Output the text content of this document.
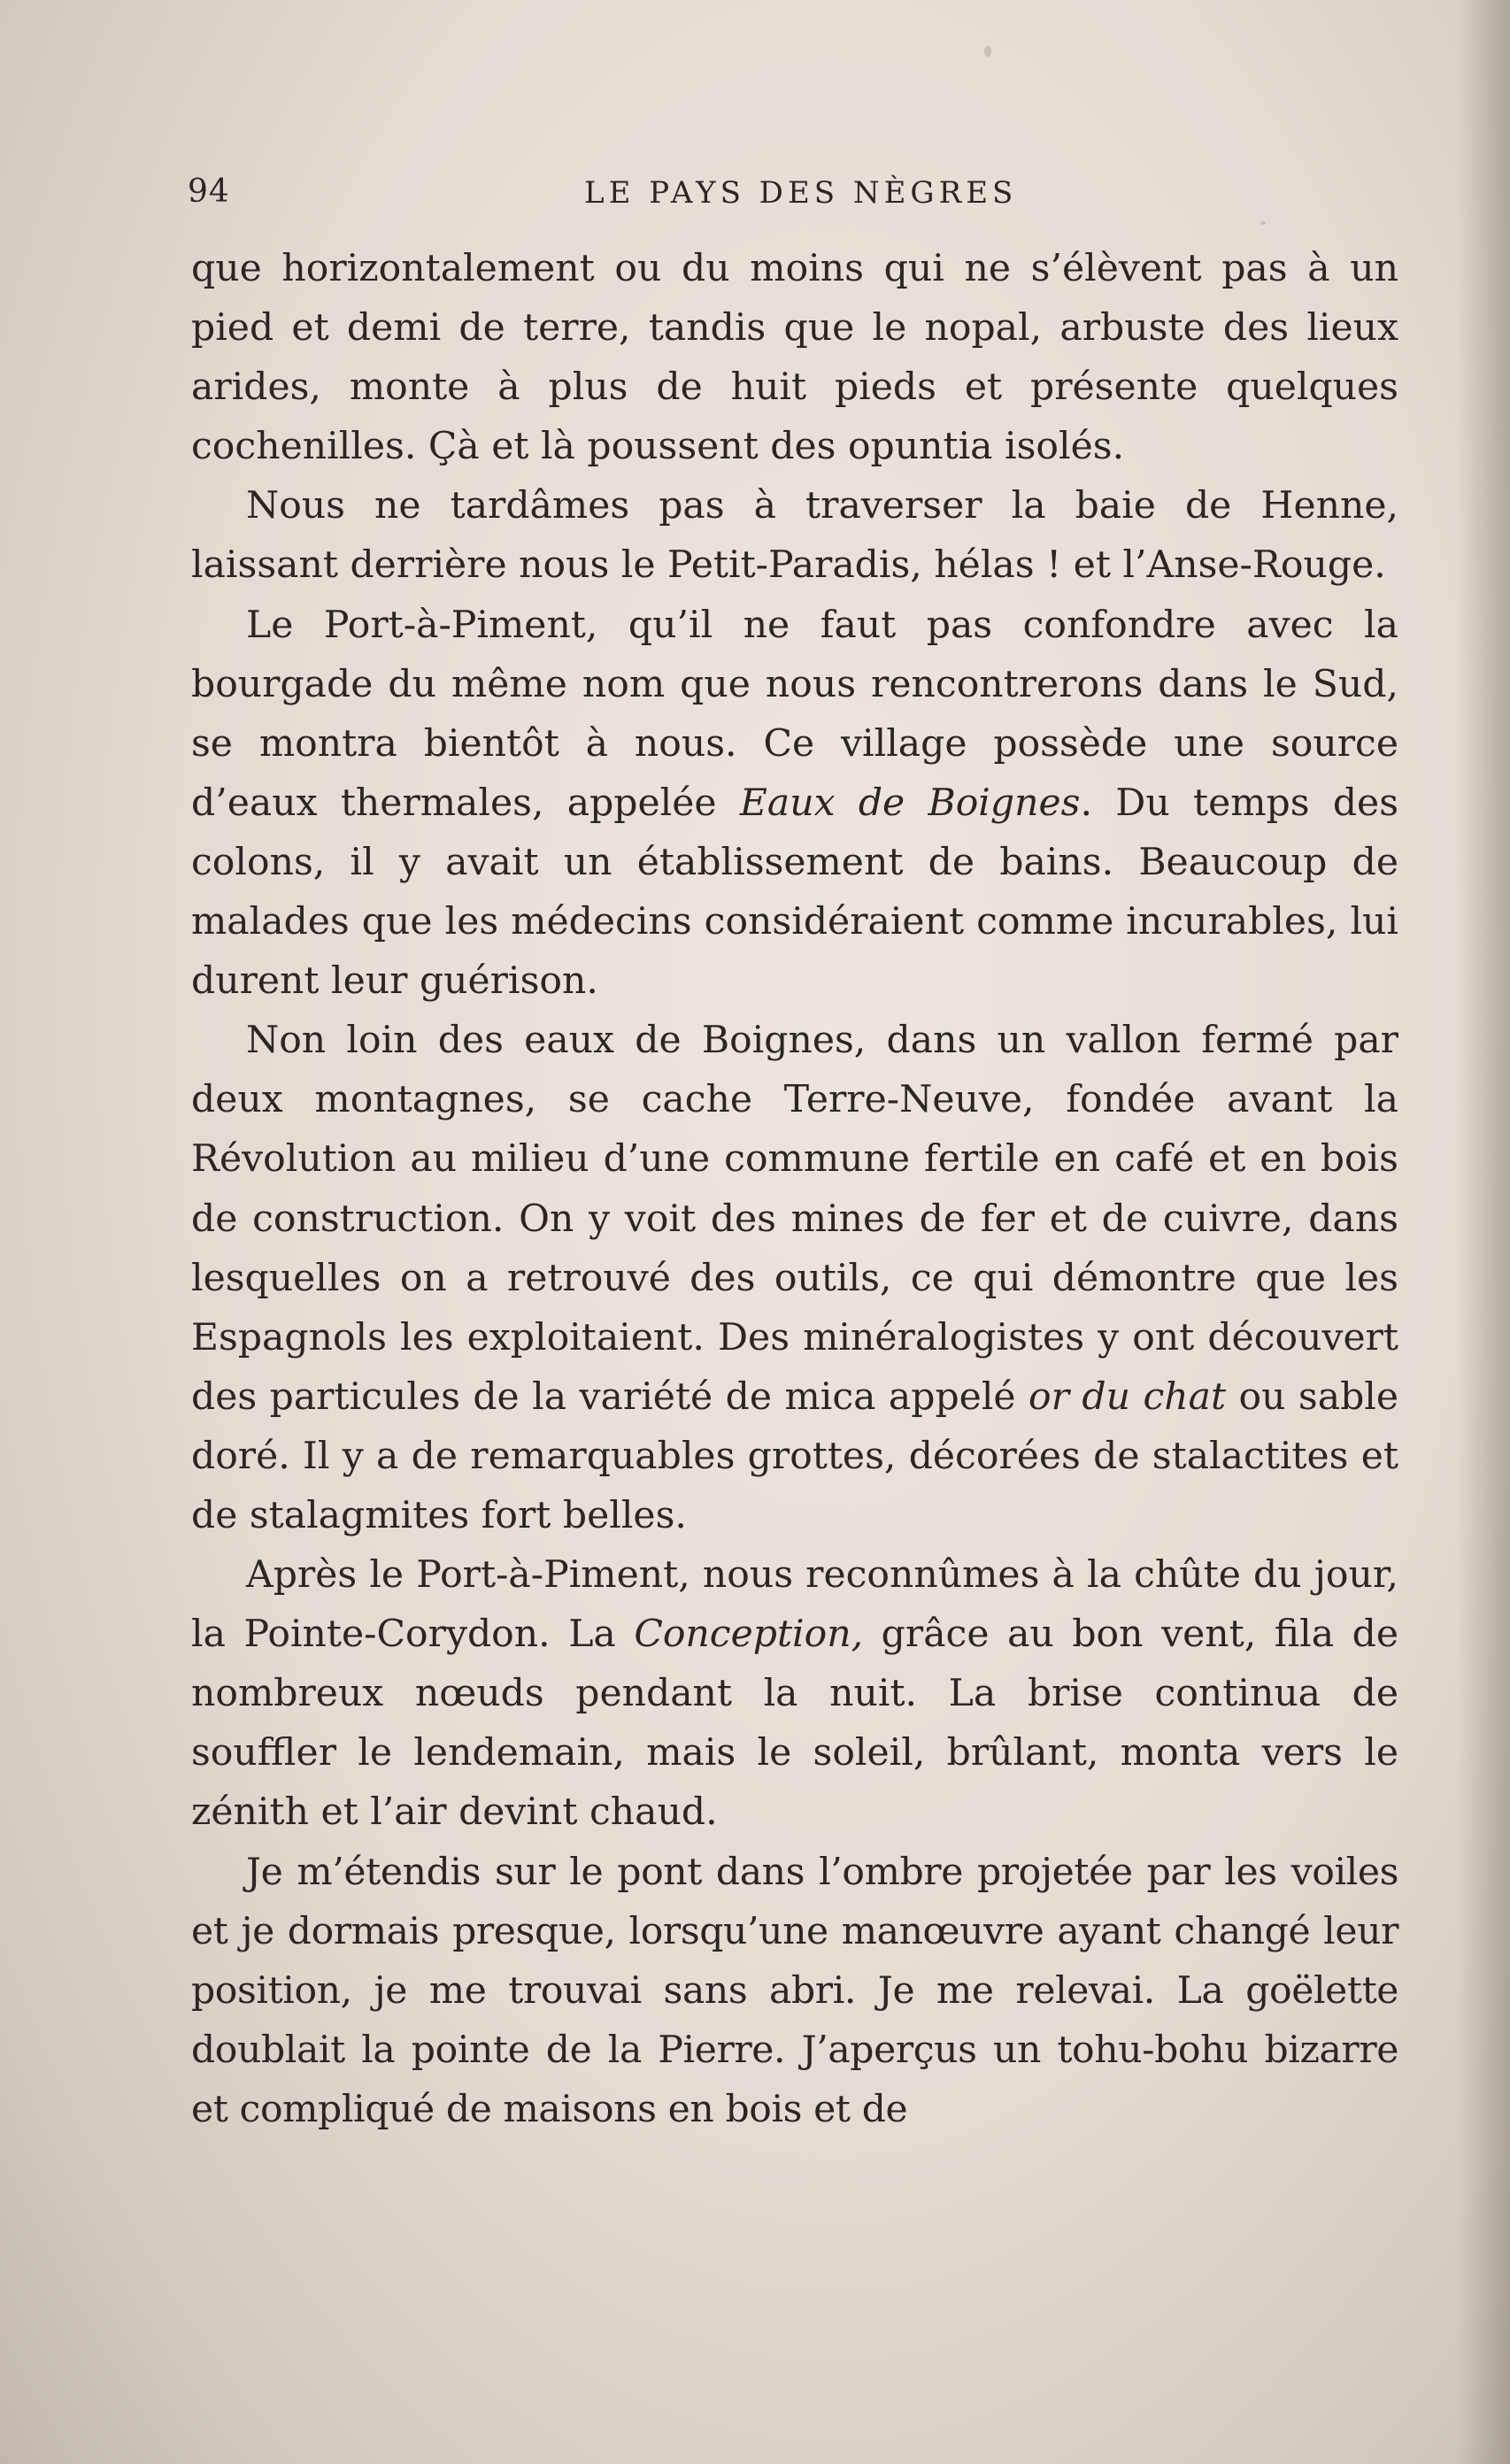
94	LE PAYS DES NÈGRES

que horizontalement ou du moins qui ne s’élèvent pas à un pied et demi de terre, tandis que le nopal, arbuste des lieux arides, monte à plus de huit pieds et présente quelques cochenilles. Çà et là poussent des opuntia isolés.

Nous ne tardâmes pas à traverser la baie de Henne, laissant derrière nous le Petit-Paradis, hélas ! et l’Anse-Rouge.

Le Port-à-Piment, qu’il ne faut pas confondre avec la bourgade du même nom que nous rencontrerons dans le Sud, se montra bientôt à nous. Ce village possède une source d’eaux thermales, appelée Eaux de Boignes. Du temps des colons, il y avait un établissement de bains. Beaucoup de malades que les médecins considéraient comme incurables, lui durent leur guérison.

Non loin des eaux de Boignes, dans un vallon fermé par deux montagnes, se cache Terre-Neuve, fondée avant la Révolution au milieu d’une commune fertile en café et en bois de construction. On y voit des mines de fer et de cuivre, dans lesquelles on a retrouvé des outils, ce qui démontre que les Espagnols les exploitaient. Des minéralogistes y ont découvert des particules de la variété de mica appelé or du chat ou sable doré. Il y a de remarquables grottes, décorées de stalactites et de stalagmites fort belles.

Après le Port-à-Piment, nous reconnûmes à la chûte du jour, la Pointe-Corydon. La Conception, grâce au bon vent, fila de nombreux nœuds pendant la nuit. La brise continua de souffler le lendemain, mais le soleil, brûlant, monta vers le zénith et l’air devint chaud.

Je m’étendis sur le pont dans l’ombre projetée par les voiles et je dormais presque, lorsqu’une manœuvre ayant changé leur position, je me trouvai sans abri. Je me relevai. La goëlette doublait la pointe de la Pierre. J’aperçus un tohu-bohu bizarre et compliqué de maisons en bois et de
